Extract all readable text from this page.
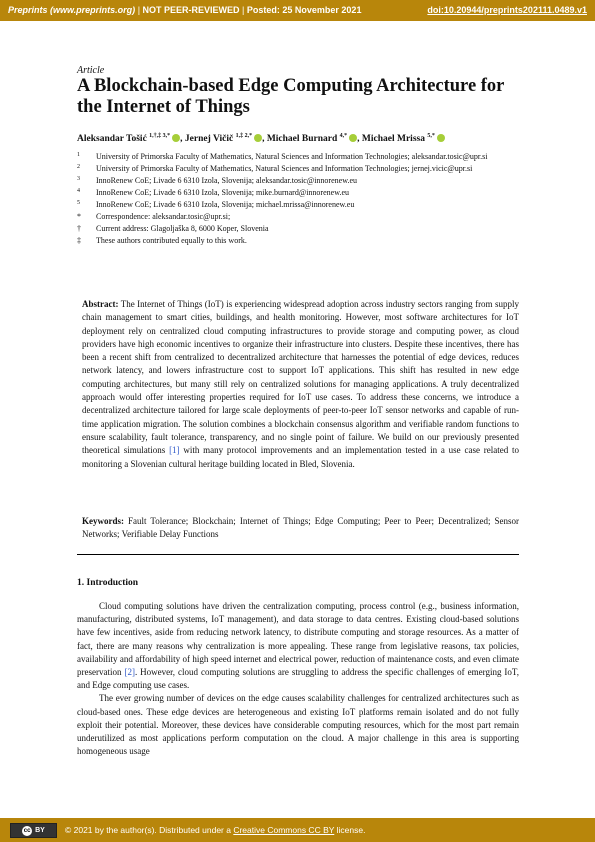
Preprints (www.preprints.org) | NOT PEER-REVIEWED | Posted: 25 November 2021	doi:10.20944/preprints202111.0489.v1
Article
A Blockchain-based Edge Computing Architecture for the Internet of Things
Aleksandar Tošić $^{1,\dagger,\ddagger 3,*}$ , Jernej Vičič $^{1,\ddagger 2,*}$ , Michael Burnard $^{4,*}$ , Michael Mrissa $^{5,*}$
1	University of Primorska Faculty of Mathematics, Natural Sciences and Information Technologies; aleksandar.tosic@upr.si
2	University of Primorska Faculty of Mathematics, Natural Sciences and Information Technologies; jernej.vicic@upr.si
3	InnoRenew CoE; Livade 6 6310 Izola, Slovenija; aleksandar.tosic@innorenew.eu
4	InnoRenew CoE; Livade 6 6310 Izola, Slovenija; mike.burnard@innorenew.eu
5	InnoRenew CoE; Livade 6 6310 Izola, Slovenija; michael.mrissa@innorenew.eu
*	Correspondence: aleksandar.tosic@upr.si;
†	Current address: Glagoljaška 8, 6000 Koper, Slovenia
‡	These authors contributed equally to this work.
Abstract: The Internet of Things (IoT) is experiencing widespread adoption across industry sectors ranging from supply chain management to smart cities, buildings, and health monitoring. However, most software architectures for IoT deployment rely on centralized cloud computing infrastructures to provide storage and computing power, as cloud providers have high economic incentives to organize their infrastructure into clusters. Despite these incentives, there has been a recent shift from centralized to decentralized architecture that harnesses the potential of edge devices, reduces network latency, and lowers infrastructure cost to support IoT applications. This shift has resulted in new edge computing architectures, but many still rely on centralized solutions for managing applications. A truly decentralized approach would offer interesting properties required for IoT use cases. To address these concerns, we introduce a decentralized architecture tailored for large scale deployments of peer-to-peer IoT sensor networks and capable of run-time application migration. The solution combines a blockchain consensus algorithm and verifiable random functions to ensure scalability, fault tolerance, transparency, and no single point of failure. We build on our previously presented theoretical simulations [1] with many protocol improvements and an implementation tested in a use case related to monitoring a Slovenian cultural heritage building located in Bled, Slovenia.
Keywords: Fault Tolerance; Blockchain; Internet of Things; Edge Computing; Peer to Peer; Decentralized; Sensor Networks; Verifiable Delay Functions
1. Introduction

Cloud computing solutions have driven the centralization computing, process control (e.g., business information, manufacturing, distributed systems, IoT management), and data storage to data centres. Existing cloud-based solutions have few incentives, aside from reducing network latency, to distribute computing and storage resources. As a matter of fact, there are many reasons why centralization is more appealing. These range from legislative reasons, tax policies, availability and affordability of high speed internet and electrical power, reduction of maintenance costs, and even climate preservation [2]. However, cloud computing solutions are struggling to address the specific challenges of emerging IoT, and Edge computing use cases.

The ever growing number of devices on the edge causes scalability challenges for centralized architectures such as cloud-based ones. These edge devices are heterogeneous and existing IoT platforms remain isolated and do not fully exploit their potential. Moreover, these devices have considerable computing resources, which for the most part remain underutilized as most applications perform computation on the cloud. A major challenge in this area is supporting homogeneous usage

cc BY © 2021 by the author(s). Distributed under a Creative Commons CC BY license.
